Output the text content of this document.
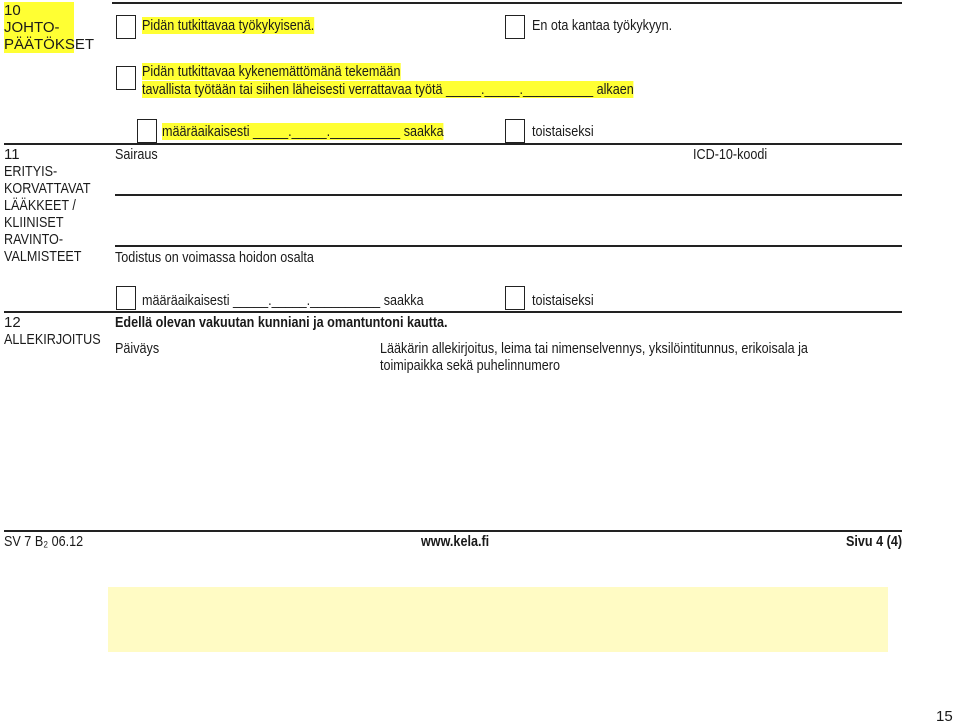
10
JOHTO-
PÄÄTÖKSET
Pidän tutkittavaa työkykyisenä.	En ota kantaa työkykyyn.
Pidän tutkittavaa kykenemättömänä tekemään
tavallista työtään tai siihen läheisesti verrattavaa työtä _____._____.__________ alkaen
määräaikaisesti _____._____.__________ saakka	toistaiseksi
11
ERITYIS-
KORVATTAVAT
LÄÄKKEET /
KLIINISET
RAVINTO-
VALMISTEET
Sairaus	ICD-10-koodi
Todistus on voimassa hoidon osalta
määräaikaisesti _____._____.__________ saakka	toistaiseksi
12
ALLEKIRJOITUS
Edellä olevan vakuutan kunniani ja omantuntoni kautta.
Päiväys	Lääkärin allekirjoitus, leima tai nimenselvennys, yksilöintitunnus, erikoisala ja
toimipaikka sekä puhelinnumero
SV 7 B₂ 06.12	www.kela.fi	Sivu 4 (4)
15
